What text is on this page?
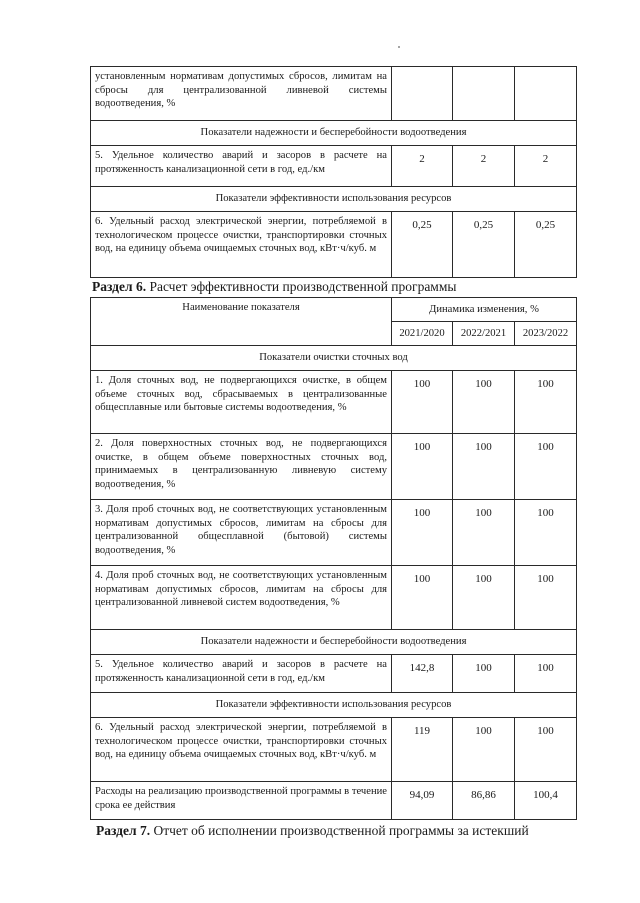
установленным нормативам допустимых сбросов, лимитам на сбросы для централизованной ливневой системы водоотведения, %			
Показатели надежности и бесперебойности водоотведения			
5. Удельное количество аварий и засоров в расчете на протяженность канализационной сети в год, ед./км	2	2	2
Показатели эффективности использования ресурсов			
6. Удельный расход электрической энергии, потребляемой в технологическом процессе очистки, транспортировки сточных вод, на единицу объема очищаемых сточных вод, кВт·ч/куб. м	0,25	0,25	0,25
Раздел 6. Расчет эффективности производственной программы
Наименование показателя	Динамика изменения, %		
	2021/2020	2022/2021	2023/2022
Показатели очистки сточных вод			
1. Доля сточных вод, не подвергающихся очистке, в общем объеме сточных вод, сбрасываемых в централизованные общесплавные или бытовые системы водоотведения, %	100	100	100
2. Доля поверхностных сточных вод, не подвергающихся очистке, в общем объеме поверхностных сточных вод, принимаемых в централизованную ливневую систему водоотведения, %	100	100	100
3. Доля проб сточных вод, не соответствующих установленным нормативам допустимых сбросов, лимитам на сбросы для централизованной общесплавной (бытовой) системы водоотведения, %	100	100	100
4. Доля проб сточных вод, не соответствующих установленным нормативам допустимых сбросов, лимитам на сбросы для централизованной ливневой систем водоотведения, %	100	100	100
Показатели надежности и бесперебойности водоотведения			
5. Удельное количество аварий и засоров в расчете на протяженность канализационной сети в год, ед./км	142,8	100	100
Показатели эффективности использования ресурсов			
6. Удельный расход электрической энергии, потребляемой в технологическом процессе очистки, транспортировки сточных вод, на единицу объема очищаемых сточных вод, кВт·ч/куб. м	119	100	100
Расходы на реализацию производственной программы в течение срока ее действия	94,09	86,86	100,4
Раздел 7. Отчет об исполнении производственной программы за истекший
